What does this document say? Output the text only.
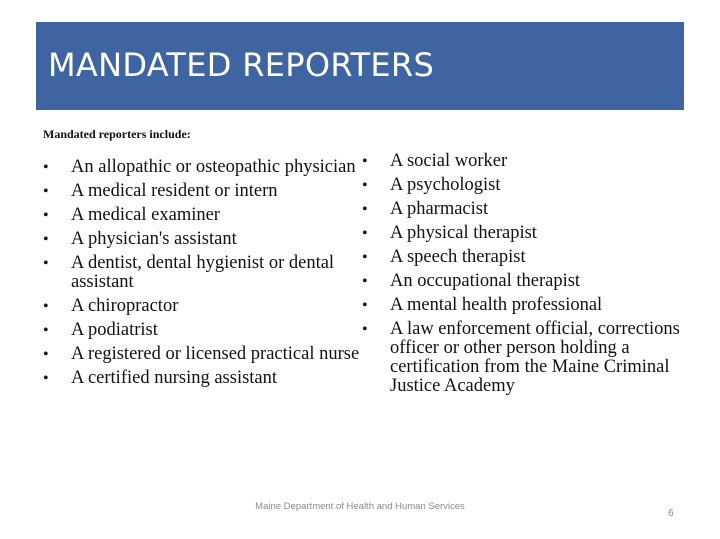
MANDATED REPORTERS
Mandated reporters include:
• An allopathic or osteopathic physician
• A medical resident or intern
• A medical examiner
• A physician's assistant
• A dentist, dental hygienist or dental assistant
• A chiropractor
• A podiatrist
• A registered or licensed practical nurse
• A certified nursing assistant
• A social worker
• A psychologist
• A pharmacist
• A physical therapist
• A speech therapist
• An occupational therapist
• A mental health professional
• A law enforcement official, corrections officer or other person holding a certification from the Maine Criminal Justice Academy
Maine Department of Health and Human Services
6
